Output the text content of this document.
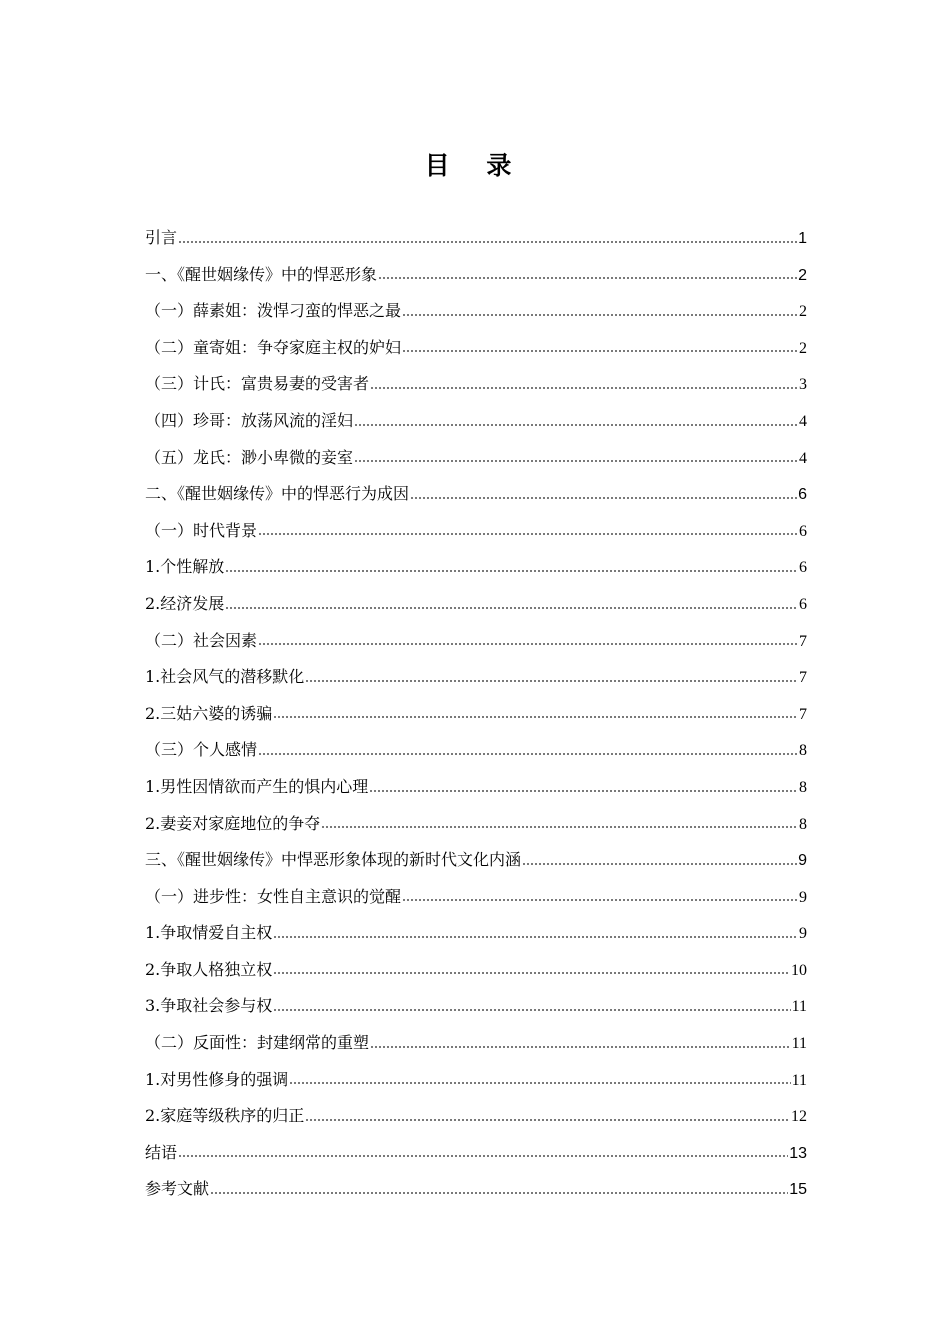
目 录
引言	1
一、《醒世姻缘传》中的悍恶形象	2
（一）薛素姐：泼悍刁蛮的悍恶之最	2
（二）童寄姐：争夺家庭主权的妒妇	2
（三）计氏：富贵易妻的受害者	3
（四）珍哥：放荡风流的淫妇	4
（五）龙氏：渺小卑微的妾室	4
二、《醒世姻缘传》中的悍恶行为成因	6
（一）时代背景	6
1.个性解放	6
2.经济发展	6
（二）社会因素	7
1.社会风气的潜移默化	7
2.三姑六婆的诱骗	7
（三）个人感情	8
1.男性因情欲而产生的惧内心理	8
2.妻妾对家庭地位的争夺	8
三、《醒世姻缘传》中悍恶形象体现的新时代文化内涵	9
（一）进步性：女性自主意识的觉醒	9
1.争取情爱自主权	9
2.争取人格独立权	10
3.争取社会参与权	11
（二）反面性：封建纲常的重塑	11
1.对男性修身的强调	11
2.家庭等级秩序的归正	12
结语	13
参考文献	15
